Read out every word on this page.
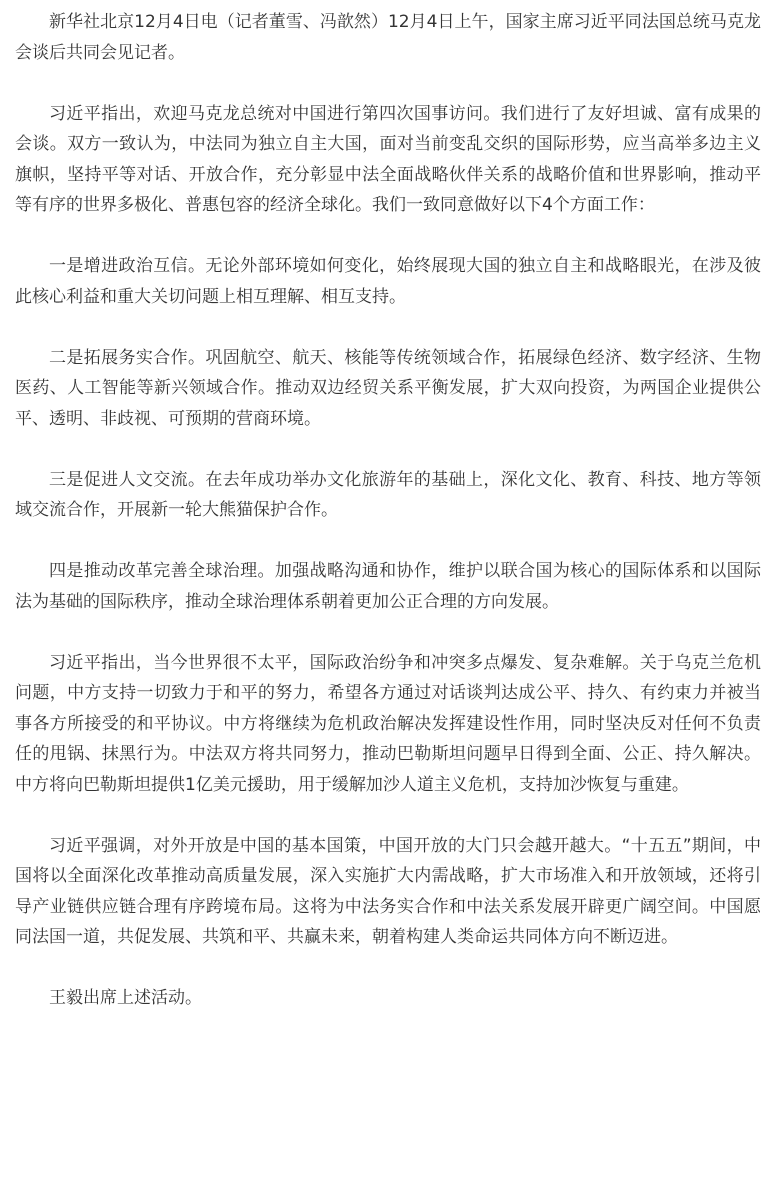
新华社北京12月4日电（记者董雪、冯歆然）12月4日上午，国家主席习近平同法国总统马克龙会谈后共同会见记者。

习近平指出，欢迎马克龙总统对中国进行第四次国事访问。我们进行了友好坦诚、富有成果的会谈。双方一致认为，中法同为独立自主大国，面对当前变乱交织的国际形势，应当高举多边主义旗帜，坚持平等对话、开放合作，充分彰显中法全面战略伙伴关系的战略价值和世界影响，推动平等有序的世界多极化、普惠包容的经济全球化。我们一致同意做好以下4个方面工作：

一是增进政治互信。无论外部环境如何变化，始终展现大国的独立自主和战略眼光，在涉及彼此核心利益和重大关切问题上相互理解、相互支持。

二是拓展务实合作。巩固航空、航天、核能等传统领域合作，拓展绿色经济、数字经济、生物医药、人工智能等新兴领域合作。推动双边经贸关系平衡发展，扩大双向投资，为两国企业提供公平、透明、非歧视、可预期的营商环境。

三是促进人文交流。在去年成功举办文化旅游年的基础上，深化文化、教育、科技、地方等领域交流合作，开展新一轮大熊猫保护合作。

四是推动改革完善全球治理。加强战略沟通和协作，维护以联合国为核心的国际体系和以国际法为基础的国际秩序，推动全球治理体系朝着更加公正合理的方向发展。

习近平指出，当今世界很不太平，国际政治纷争和冲突多点爆发、复杂难解。关于乌克兰危机问题，中方支持一切致力于和平的努力，希望各方通过对话谈判达成公平、持久、有约束力并被当事各方所接受的和平协议。中方将继续为危机政治解决发挥建设性作用，同时坚决反对任何不负责任的甩锅、抹黑行为。中法双方将共同努力，推动巴勒斯坦问题早日得到全面、公正、持久解决。中方将向巴勒斯坦提供1亿美元援助，用于缓解加沙人道主义危机，支持加沙恢复与重建。

习近平强调，对外开放是中国的基本国策，中国开放的大门只会越开越大。“十五五”期间，中国将以全面深化改革推动高质量发展，深入实施扩大内需战略，扩大市场准入和开放领域，还将引导产业链供应链合理有序跨境布局。这将为中法务实合作和中法关系发展开辟更广阔空间。中国愿同法国一道，共促发展、共筑和平、共赢未来，朝着构建人类命运共同体方向不断迈进。

王毅出席上述活动。
